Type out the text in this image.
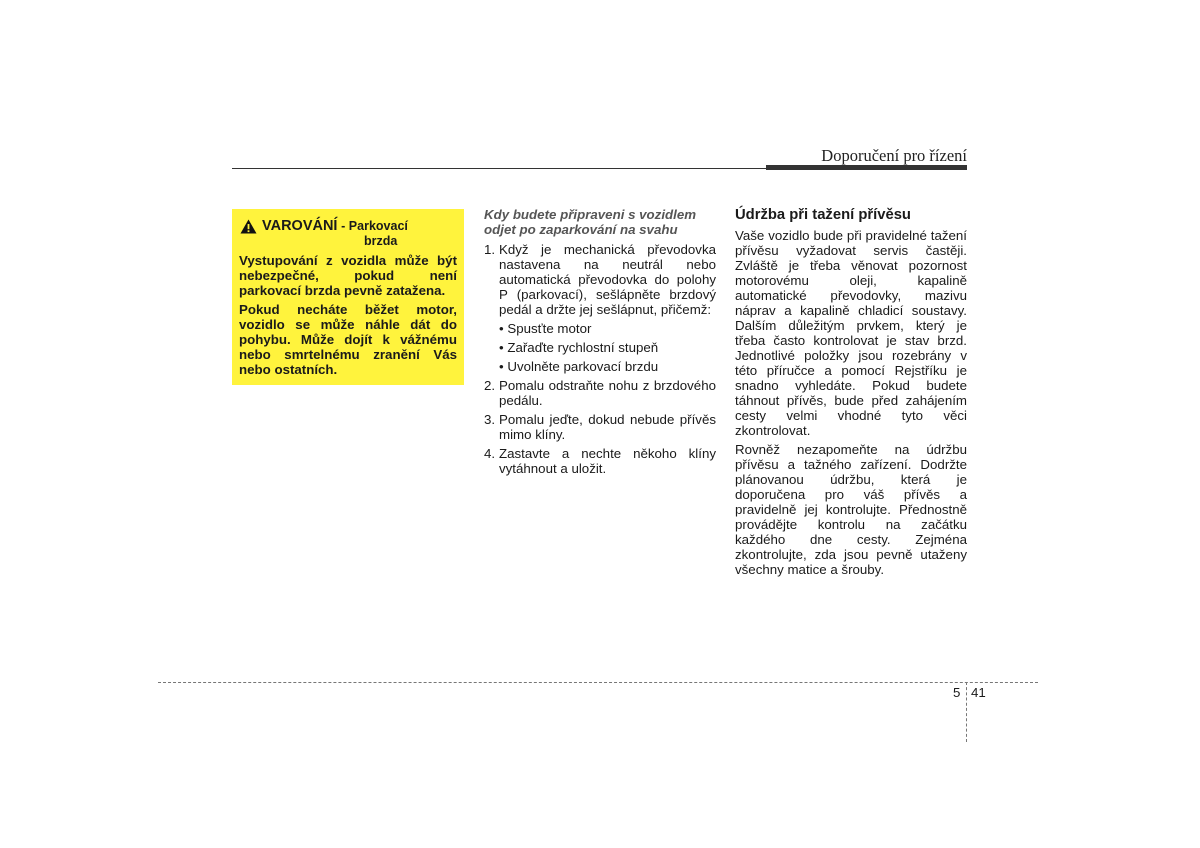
Doporučení pro řízení
VAROVÁNÍ - Parkovací
brzda

Vystupování z vozidla může být nebezpečné, pokud není parkovací brzda pevně zatažena.

Pokud necháte běžet motor, vozidlo se může náhle dát do pohybu. Může dojít k vážnému nebo smrtelnému zranění Vás nebo ostatních.

Kdy budete připraveni s vozidlem odjet po zaparkování na svahu
1. Když je mechanická převodovka nastavena na neutrál nebo automatická převodovka do polohy P (parkovací), sešlápněte brzdový pedál a držte jej sešlápnut, přičemž:
• Spusťte motor
• Zařaďte rychlostní stupeň
• Uvolněte parkovací brzdu
2. Pomalu odstraňte nohu z brzdového pedálu.
3. Pomalu jeďte, dokud nebude přívěs mimo klíny.
4. Zastavte a nechte někoho klíny vytáhnout a uložit.
Údržba při tažení přívěsu

Vaše vozidlo bude při pravidelné tažení přívěsu vyžadovat servis častěji. Zvláště je třeba věnovat pozornost motorovému oleji, kapalině automatické převodovky, mazivu náprav a kapalině chladicí soustavy. Dalším důležitým prvkem, který je třeba často kontrolovat je stav brzd. Jednotlivé položky jsou rozebrány v této příručce a pomocí Rejstříku je snadno vyhledáte. Pokud budete táhnout přívěs, bude před zahájením cesty velmi vhodné tyto věci zkontrolovat.

Rovněž nezapomeňte na údržbu přívěsu a tažného zařízení. Dodržte plánovanou údržbu, která je doporučena pro váš přívěs a pravidelně jej kontrolujte. Přednostně provádějte kontrolu na začátku každého dne cesty. Zejména zkontrolujte, zda jsou pevně utaženy všechny matice a šrouby.

5 41
